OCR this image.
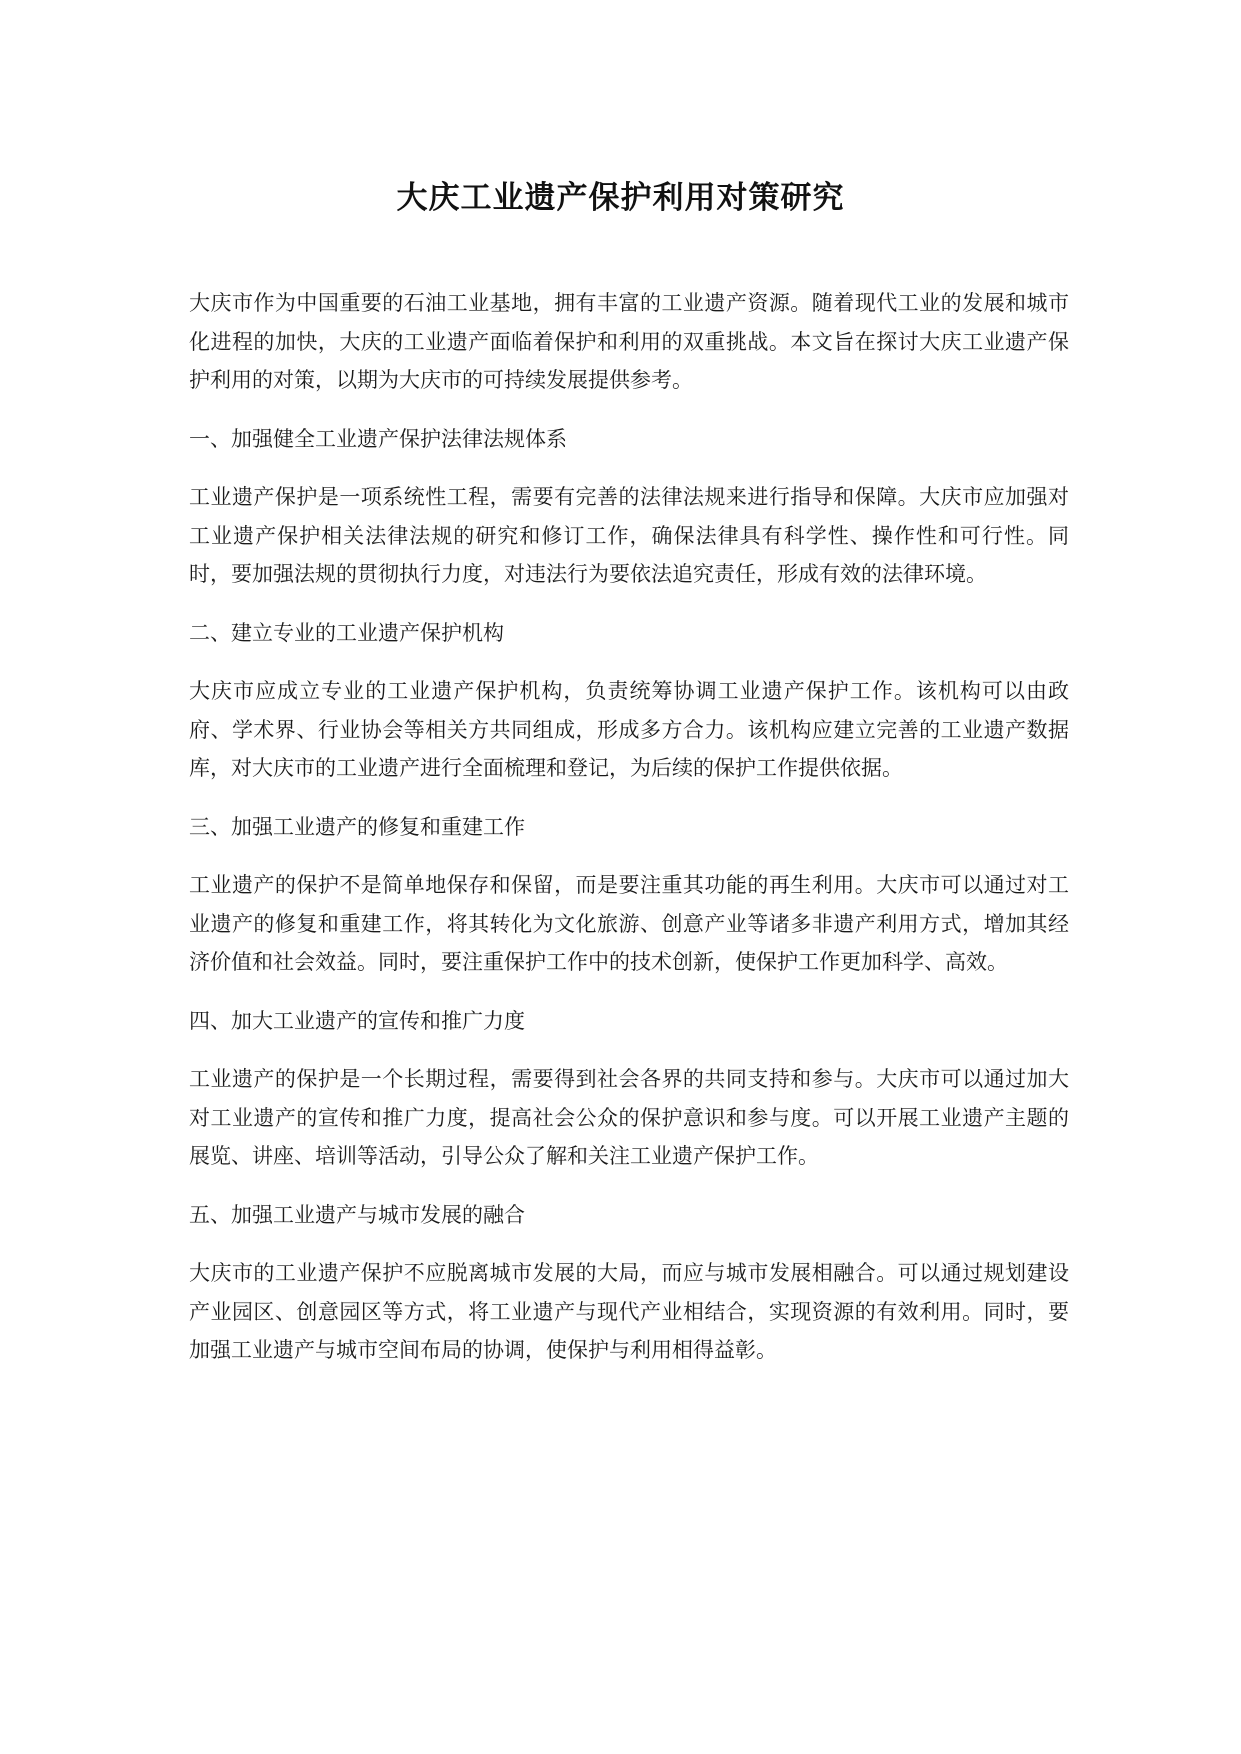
大庆工业遗产保护利用对策研究

大庆市作为中国重要的石油工业基地，拥有丰富的工业遗产资源。随着现代工业的发展和城市化进程的加快，大庆的工业遗产面临着保护和利用的双重挑战。本文旨在探讨大庆工业遗产保护利用的对策，以期为大庆市的可持续发展提供参考。

一、加强健全工业遗产保护法律法规体系

工业遗产保护是一项系统性工程，需要有完善的法律法规来进行指导和保障。大庆市应加强对工业遗产保护相关法律法规的研究和修订工作，确保法律具有科学性、操作性和可行性。同时，要加强法规的贯彻执行力度，对违法行为要依法追究责任，形成有效的法律环境。

二、建立专业的工业遗产保护机构

大庆市应成立专业的工业遗产保护机构，负责统筹协调工业遗产保护工作。该机构可以由政府、学术界、行业协会等相关方共同组成，形成多方合力。该机构应建立完善的工业遗产数据库，对大庆市的工业遗产进行全面梳理和登记，为后续的保护工作提供依据。

三、加强工业遗产的修复和重建工作

工业遗产的保护不是简单地保存和保留，而是要注重其功能的再生利用。大庆市可以通过对工业遗产的修复和重建工作，将其转化为文化旅游、创意产业等诸多非遗产利用方式，增加其经济价值和社会效益。同时，要注重保护工作中的技术创新，使保护工作更加科学、高效。

四、加大工业遗产的宣传和推广力度

工业遗产的保护是一个长期过程，需要得到社会各界的共同支持和参与。大庆市可以通过加大对工业遗产的宣传和推广力度，提高社会公众的保护意识和参与度。可以开展工业遗产主题的展览、讲座、培训等活动，引导公众了解和关注工业遗产保护工作。

五、加强工业遗产与城市发展的融合

大庆市的工业遗产保护不应脱离城市发展的大局，而应与城市发展相融合。可以通过规划建设产业园区、创意园区等方式，将工业遗产与现代产业相结合，实现资源的有效利用。同时，要加强工业遗产与城市空间布局的协调，使保护与利用相得益彰。
